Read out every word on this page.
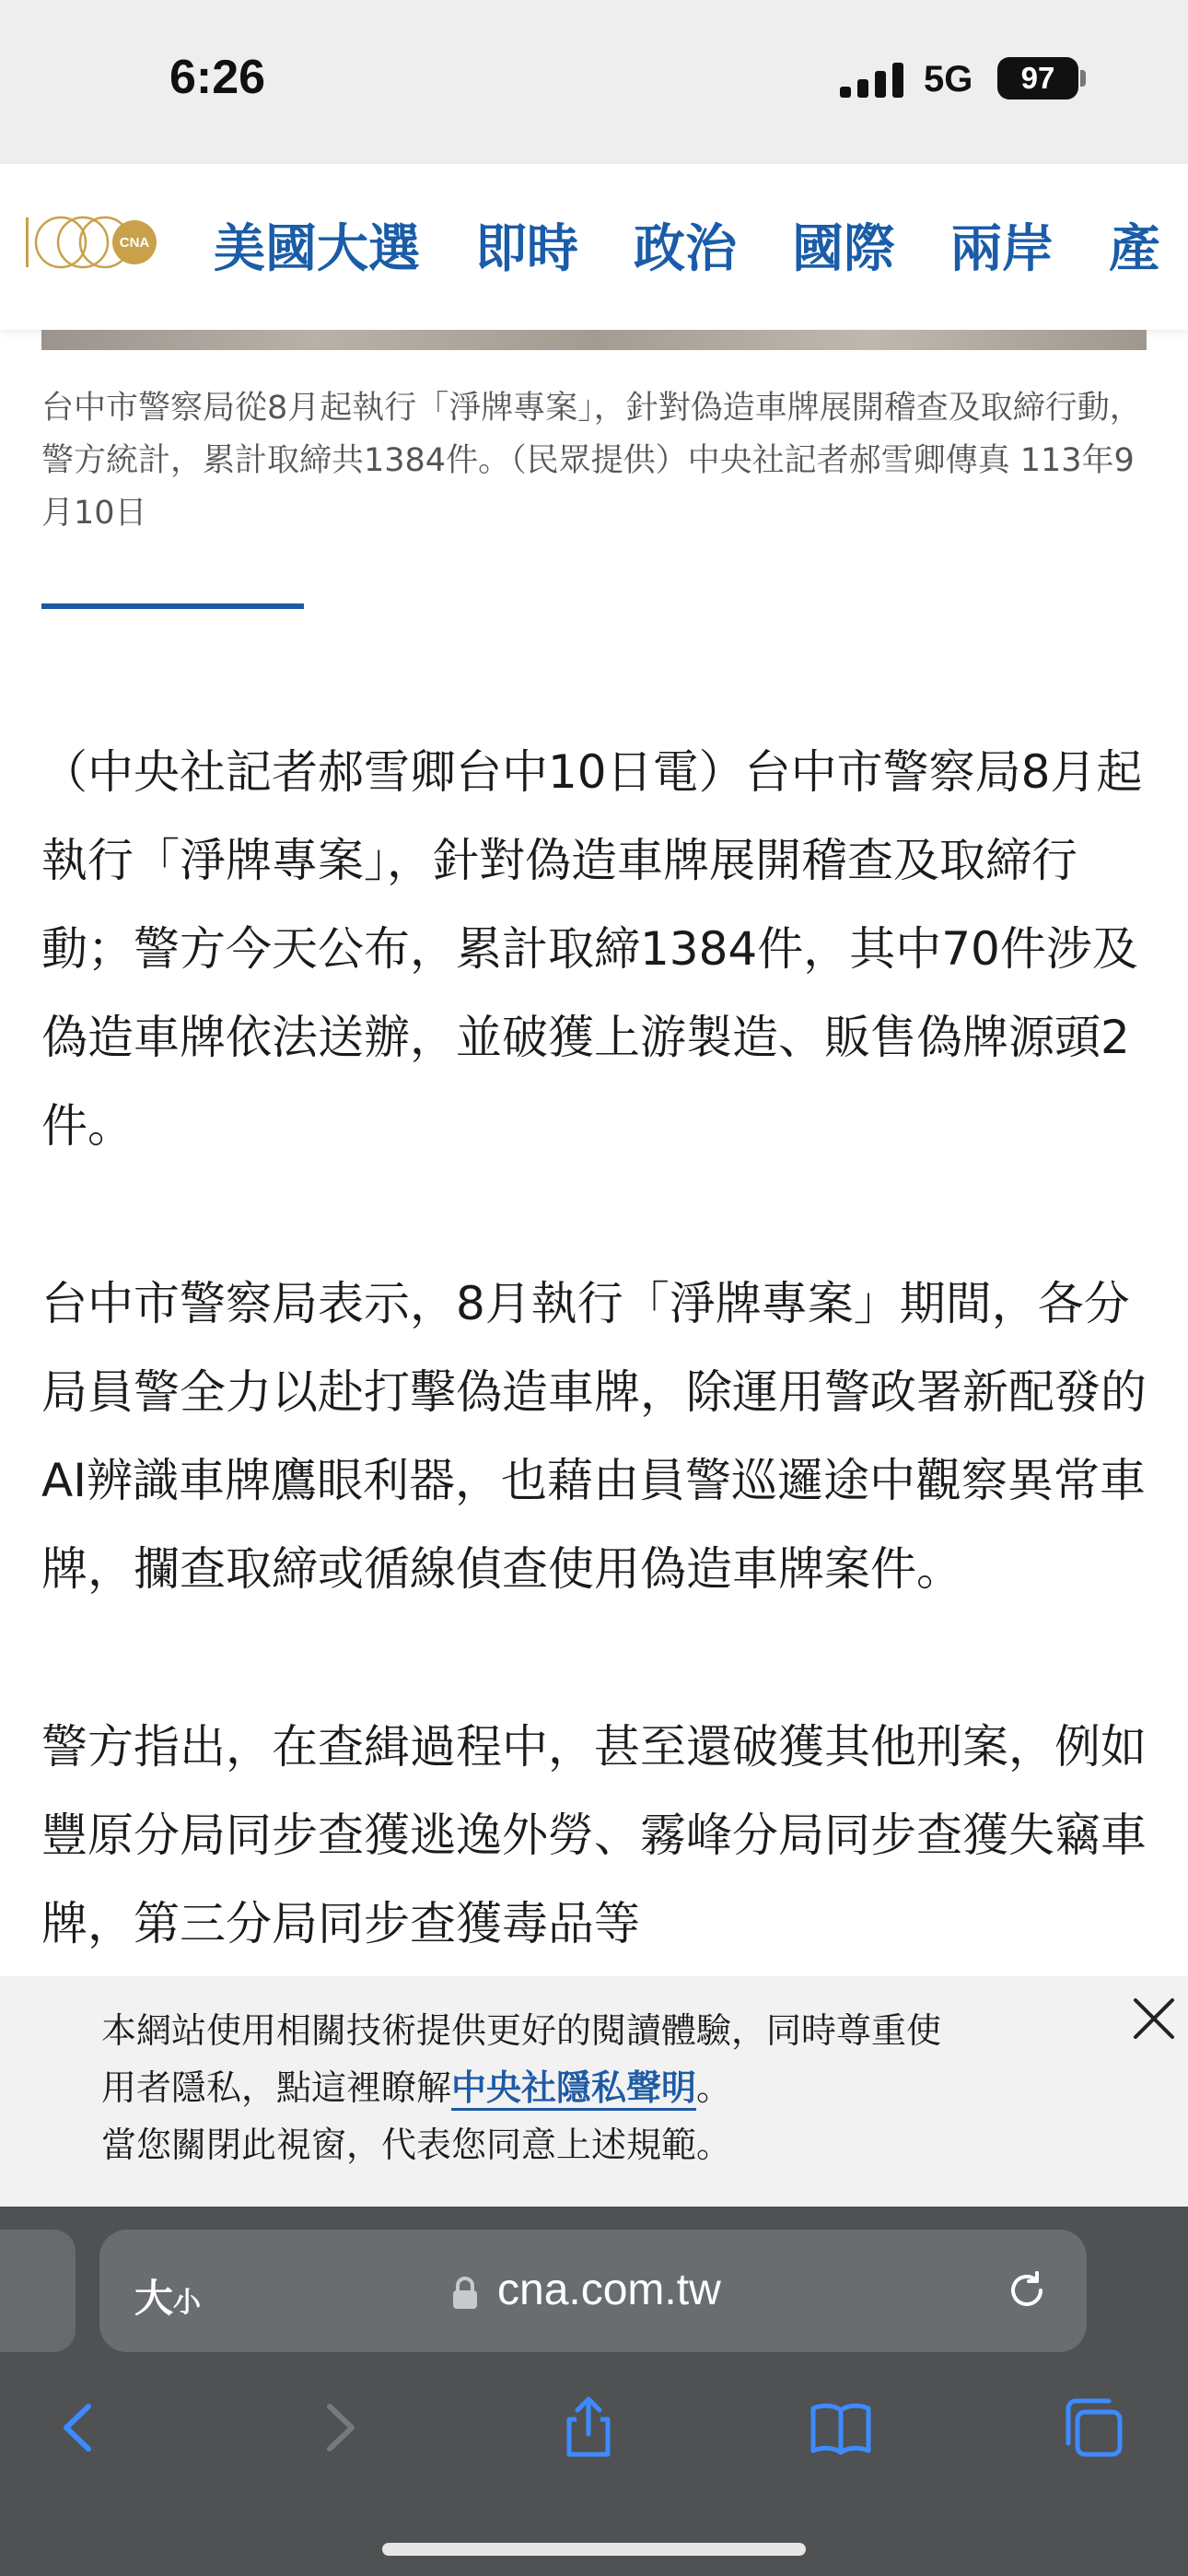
6:26	5G	97
CNA 美國大選 即時 政治 國際 兩岸 產
台中市警察局從8月起執行「淨牌專案」，針對偽造車牌展開稽查及取締行動，警方統計，累計取締共1384件。（民眾提供）中央社記者郝雪卿傳真 113年9月10日

（中央社記者郝雪卿台中10日電）台中市警察局8月起執行「淨牌專案」，針對偽造車牌展開稽查及取締行動；警方今天公布，累計取締1384件，其中70件涉及偽造車牌依法送辦，並破獲上游製造、販售偽牌源頭2件。

台中市警察局表示，8月執行「淨牌專案」期間，各分局員警全力以赴打擊偽造車牌，除運用警政署新配發的AI辨識車牌鷹眼利器，也藉由員警巡邏途中觀察異常車牌，攔查取締或循線偵查使用偽造車牌案件。

警方指出，在查緝過程中，甚至還破獲其他刑案，例如豐原分局同步查獲逃逸外勞、霧峰分局同步查獲失竊車牌，第三分局同步查獲毒品等

本網站使用相關技術提供更好的閱讀體驗，同時尊重使
用者隱私，點這裡瞭解中央社隱私聲明。
當您關閉此視窗，代表您同意上述規範。
大小	cna.com.tw
